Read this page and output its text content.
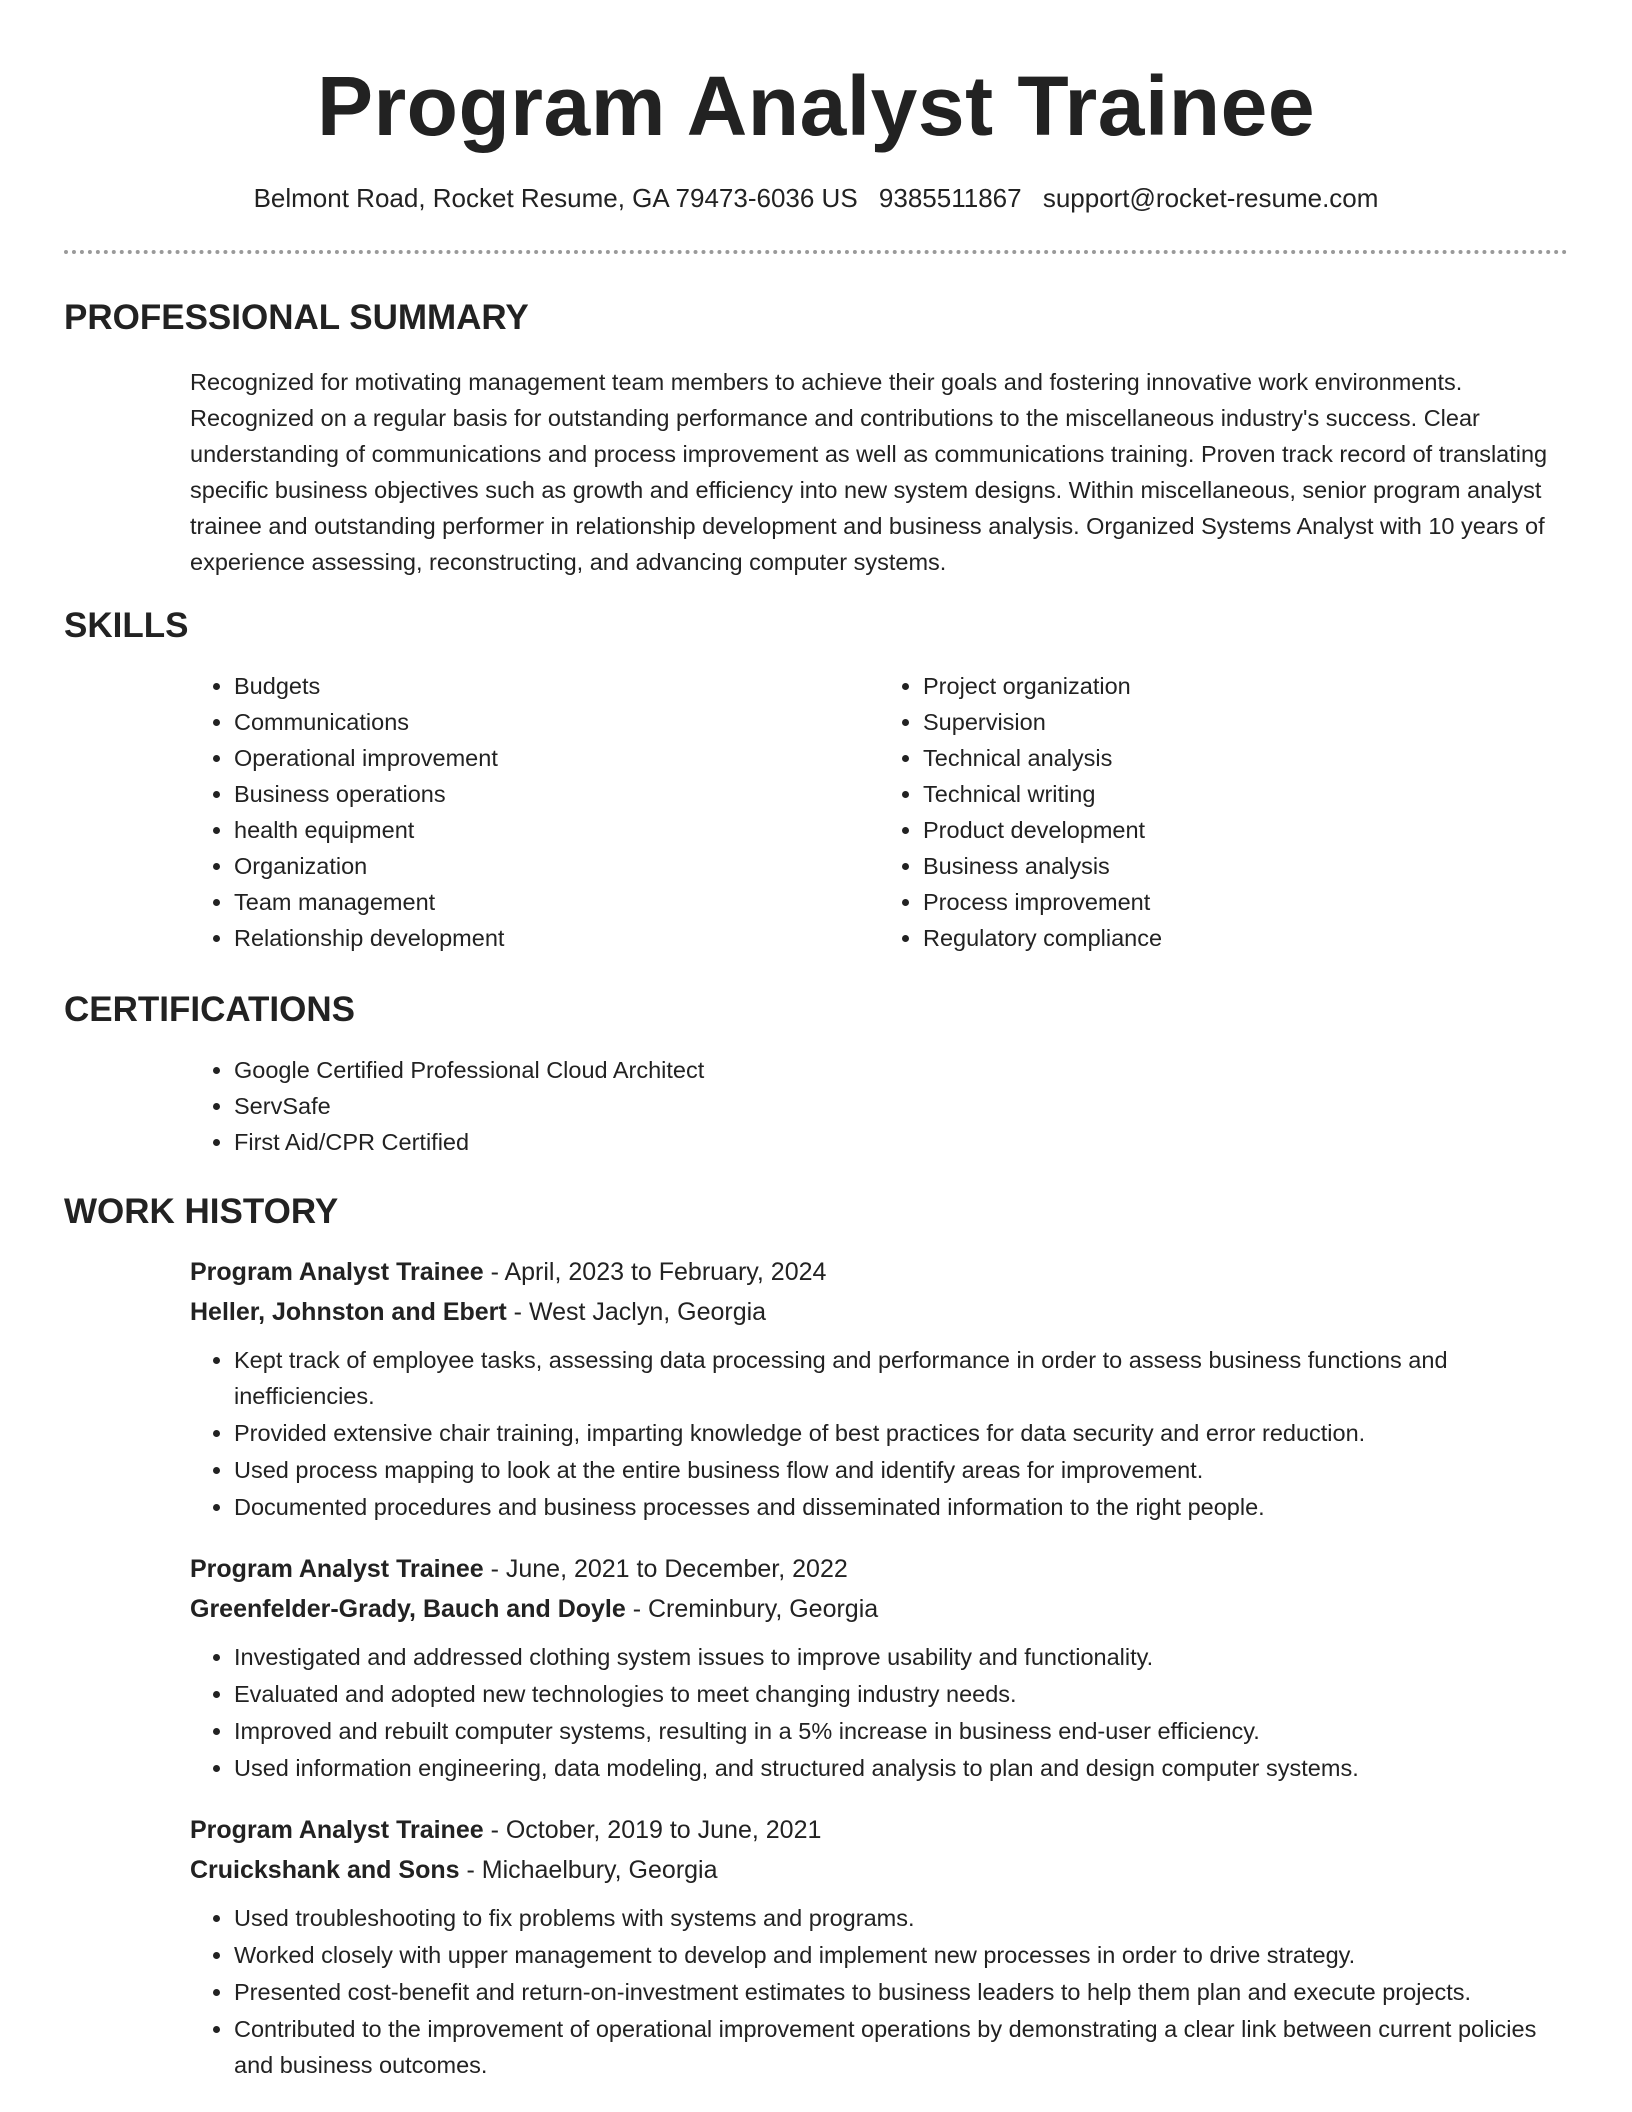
Program Analyst Trainee
Belmont Road, Rocket Resume, GA 79473-6036 US 9385511867 support@rocket-resume.com
PROFESSIONAL SUMMARY
Recognized for motivating management team members to achieve their goals and fostering innovative work environments. Recognized on a regular basis for outstanding performance and contributions to the miscellaneous industry's success. Clear understanding of communications and process improvement as well as communications training. Proven track record of translating specific business objectives such as growth and efficiency into new system designs. Within miscellaneous, senior program analyst trainee and outstanding performer in relationship development and business analysis. Organized Systems Analyst with 10 years of experience assessing, reconstructing, and advancing computer systems.
SKILLS
• Budgets
• Communications
• Operational improvement
• Business operations
• health equipment
• Organization
• Team management
• Relationship development
• Project organization
• Supervision
• Technical analysis
• Technical writing
• Product development
• Business analysis
• Process improvement
• Regulatory compliance
CERTIFICATIONS
• Google Certified Professional Cloud Architect
• ServSafe
• First Aid/CPR Certified
WORK HISTORY
Program Analyst Trainee - April, 2023 to February, 2024
Heller, Johnston and Ebert - West Jaclyn, Georgia
• Kept track of employee tasks, assessing data processing and performance in order to assess business functions and inefficiencies.
• Provided extensive chair training, imparting knowledge of best practices for data security and error reduction.
• Used process mapping to look at the entire business flow and identify areas for improvement.
• Documented procedures and business processes and disseminated information to the right people.
Program Analyst Trainee - June, 2021 to December, 2022
Greenfelder-Grady, Bauch and Doyle - Creminbury, Georgia
• Investigated and addressed clothing system issues to improve usability and functionality.
• Evaluated and adopted new technologies to meet changing industry needs.
• Improved and rebuilt computer systems, resulting in a 5% increase in business end-user efficiency.
• Used information engineering, data modeling, and structured analysis to plan and design computer systems.
Program Analyst Trainee - October, 2019 to June, 2021
Cruickshank and Sons - Michaelbury, Georgia
• Used troubleshooting to fix problems with systems and programs.
• Worked closely with upper management to develop and implement new processes in order to drive strategy.
• Presented cost-benefit and return-on-investment estimates to business leaders to help them plan and execute projects.
• Contributed to the improvement of operational improvement operations by demonstrating a clear link between current policies and business outcomes.
